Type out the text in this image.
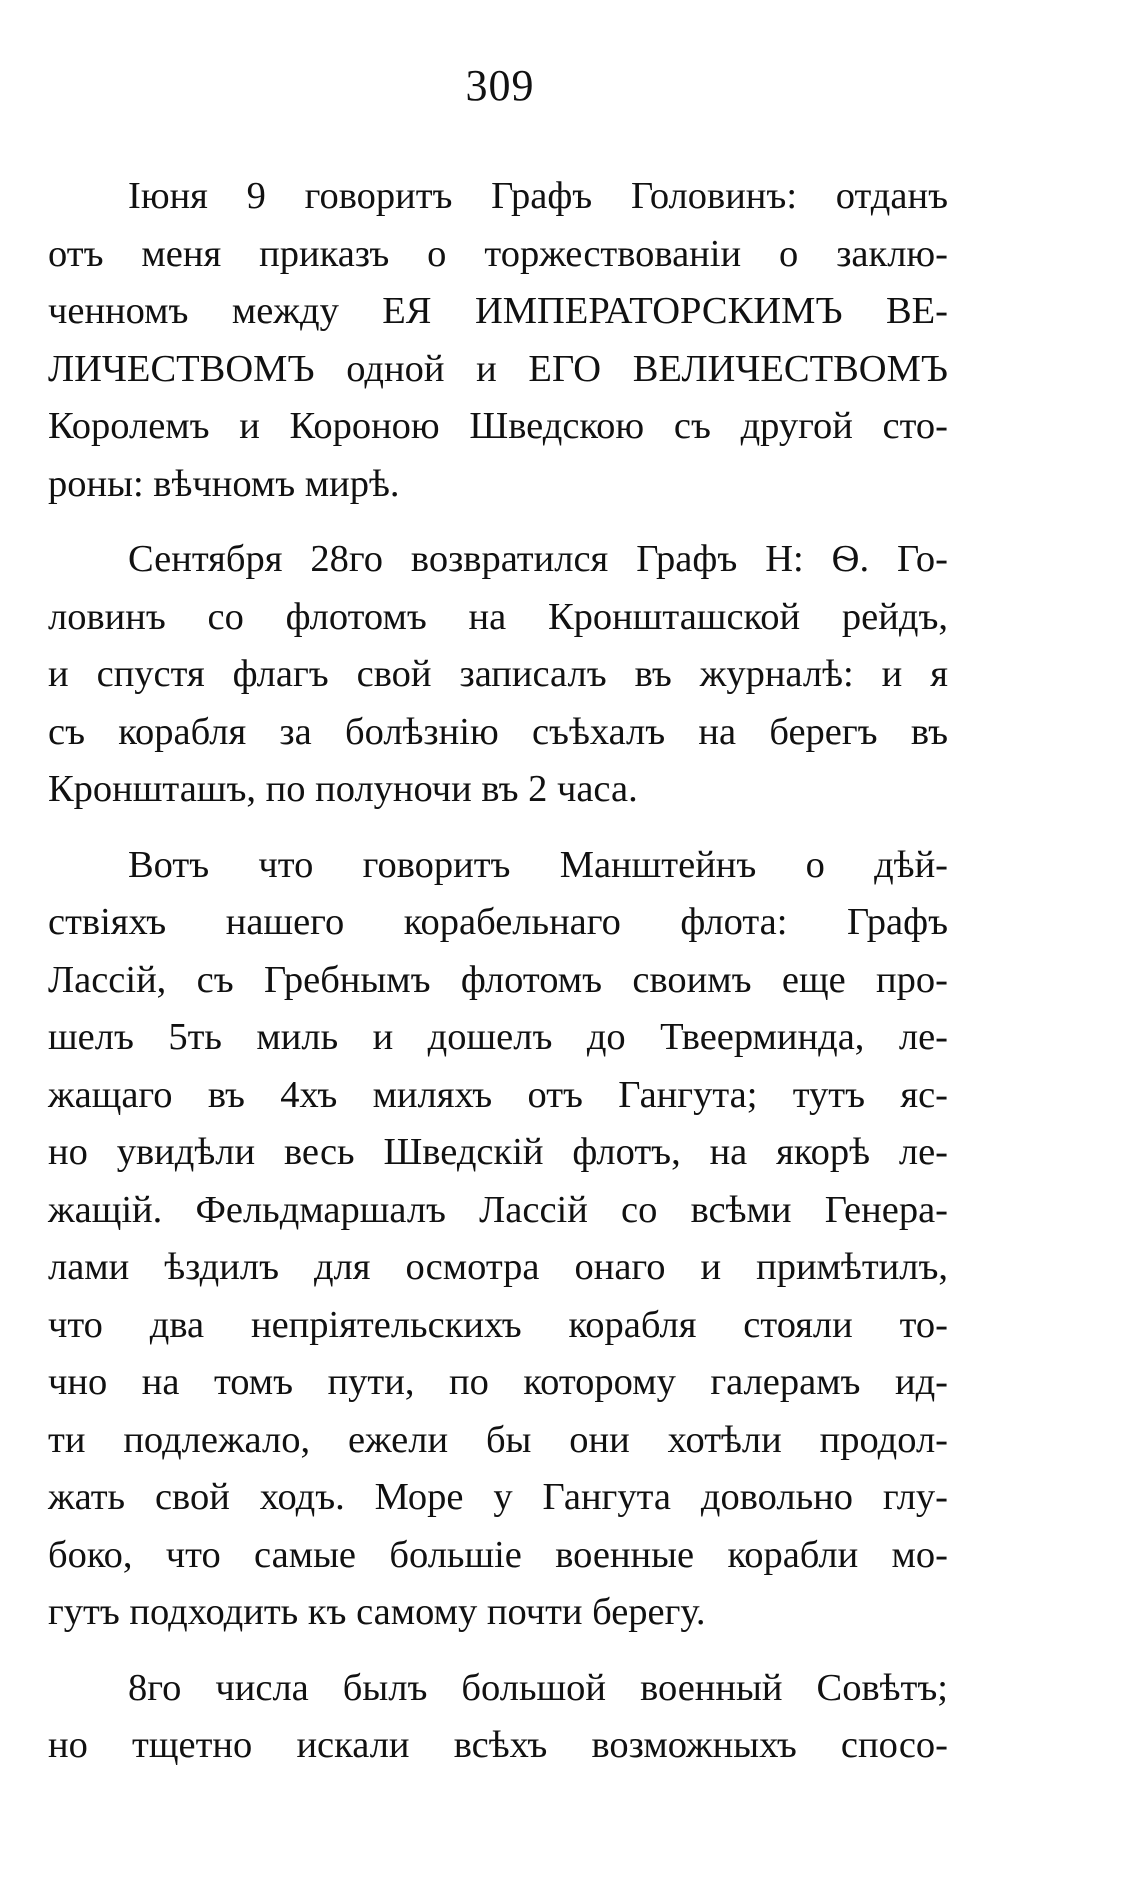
309
Іюня 9 говоритъ Графъ Головинъ: отданъ
отъ меня приказъ о торжествованіи о заклю-
ченномъ между ЕЯ ИМПЕРАТОРСКИМЪ ВЕ-
ЛИЧЕСТВОМЪ одной и ЕГО ВЕЛИЧЕСТВОМЪ
Королемъ и Короною Шведскою съ другой сто-
роны: вѣчномъ мирѣ.
Сентября 28го возвратился Графъ Н: Ѳ. Го-
ловинъ со флотомъ на Кроншташской рейдъ,
и спустя флагъ свой записалъ въ журналѣ: и я
съ корабля за болѣзнію съѣхалъ на берегъ въ
Кроншташъ, по полуночи въ 2 часа.
Вотъ что говоритъ Манштейнъ о дѣй-
ствіяхъ нашего корабельнаго флота: Графъ
Лассій, съ Гребнымъ флотомъ своимъ еще про-
шелъ 5ть миль и дошелъ до Твеерминда, ле-
жащаго въ 4хъ миляхъ отъ Гангута; тутъ яс-
но увидѣли весь Шведскій флотъ, на якорѣ ле-
жащій. Фельдмаршалъ Лассій со всѣми Генера-
лами ѣздилъ для осмотра онаго и примѣтилъ,
что два непріятельскихъ корабля стояли то-
чно на томъ пути, по которому галерамъ ид-
ти подлежало, ежели бы они хотѣли продол-
жать свой ходъ. Море у Гангута довольно глу-
боко, что самые большіе военные корабли мо-
гутъ подходить къ самому почти берегу.
8го числа былъ большой военный Совѣтъ;
но тщетно искали всѣхъ возможныхъ спосо-
